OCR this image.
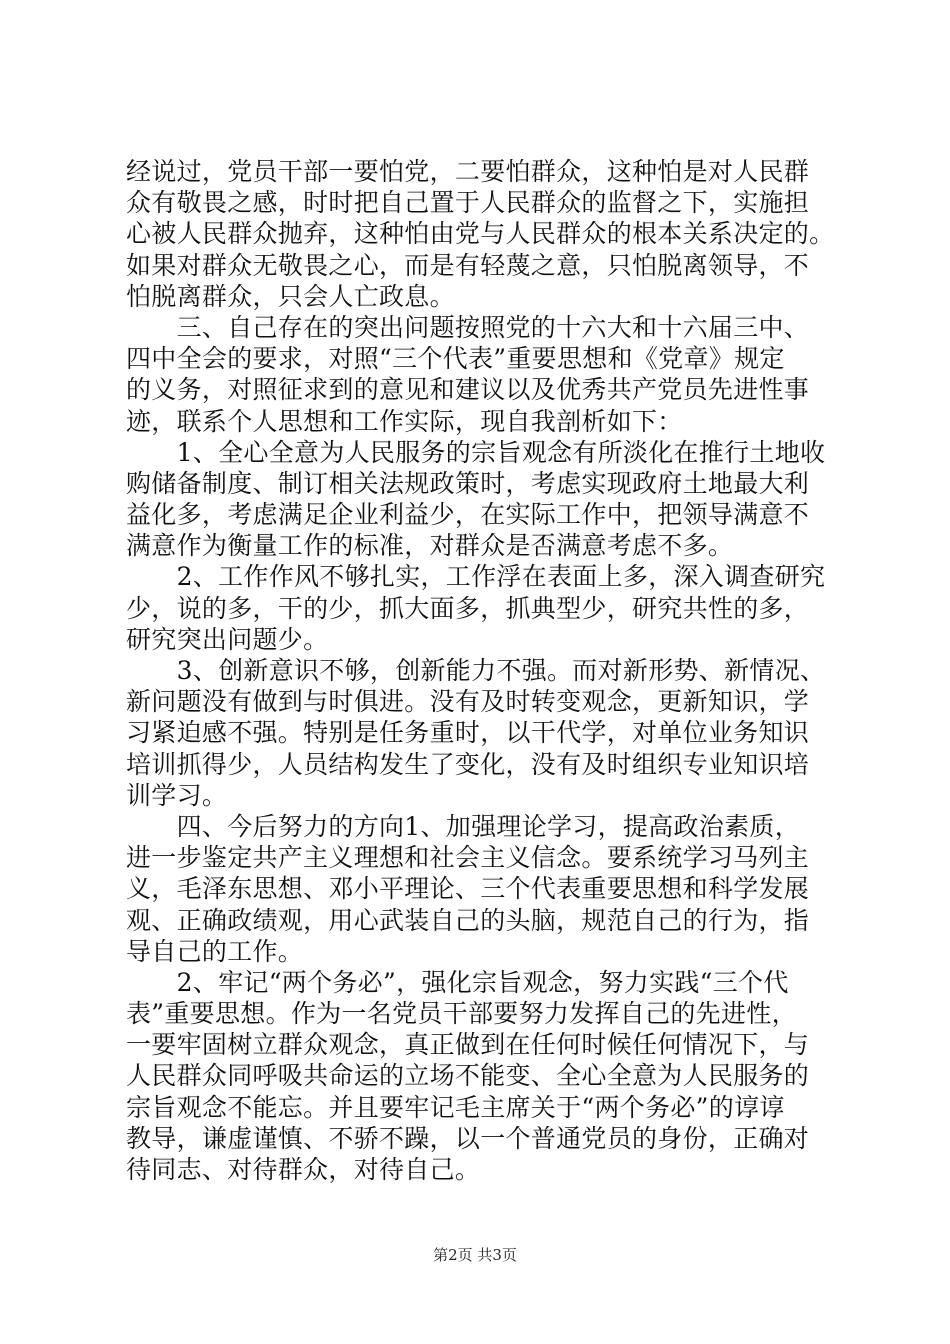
经说过，党员干部一要怕党，二要怕群众，这种怕是对人民群
众有敬畏之感，时时把自己置于人民群众的监督之下，实施担
心被人民群众抛弃，这种怕由党与人民群众的根本关系决定的。
如果对群众无敬畏之心，而是有轻蔑之意，只怕脱离领导，不
怕脱离群众，只会人亡政息。
　　三、自己存在的突出问题按照党的十六大和十六届三中、
四中全会的要求，对照“三个代表”重要思想和《党章》规定
的义务，对照征求到的意见和建议以及优秀共产党员先进性事
迹，联系个人思想和工作实际，现自我剖析如下：
　　1、全心全意为人民服务的宗旨观念有所淡化在推行土地收
购储备制度、制订相关法规政策时，考虑实现政府土地最大利
益化多，考虑满足企业利益少，在实际工作中，把领导满意不
满意作为衡量工作的标准，对群众是否满意考虑不多。
　　2、工作作风不够扎实，工作浮在表面上多，深入调查研究
少，说的多，干的少，抓大面多，抓典型少，研究共性的多，
研究突出问题少。
　　3、创新意识不够，创新能力不强。而对新形势、新情况、
新问题没有做到与时俱进。没有及时转变观念，更新知识，学
习紧迫感不强。特别是任务重时，以干代学，对单位业务知识
培训抓得少，人员结构发生了变化，没有及时组织专业知识培
训学习。
　　四、今后努力的方向1、加强理论学习，提高政治素质，
进一步鉴定共产主义理想和社会主义信念。要系统学习马列主
义，毛泽东思想、邓小平理论、三个代表重要思想和科学发展
观、正确政绩观，用心武装自己的头脑，规范自己的行为，指
导自己的工作。
　　2、牢记“两个务必”，强化宗旨观念，努力实践“三个代
表”重要思想。作为一名党员干部要努力发挥自己的先进性，
一要牢固树立群众观念，真正做到在任何时候任何情况下，与
人民群众同呼吸共命运的立场不能变、全心全意为人民服务的
宗旨观念不能忘。并且要牢记毛主席关于“两个务必”的谆谆
教导，谦虚谨慎、不骄不躁，以一个普通党员的身份，正确对
待同志、对待群众，对待自己。
第2页 共3页
